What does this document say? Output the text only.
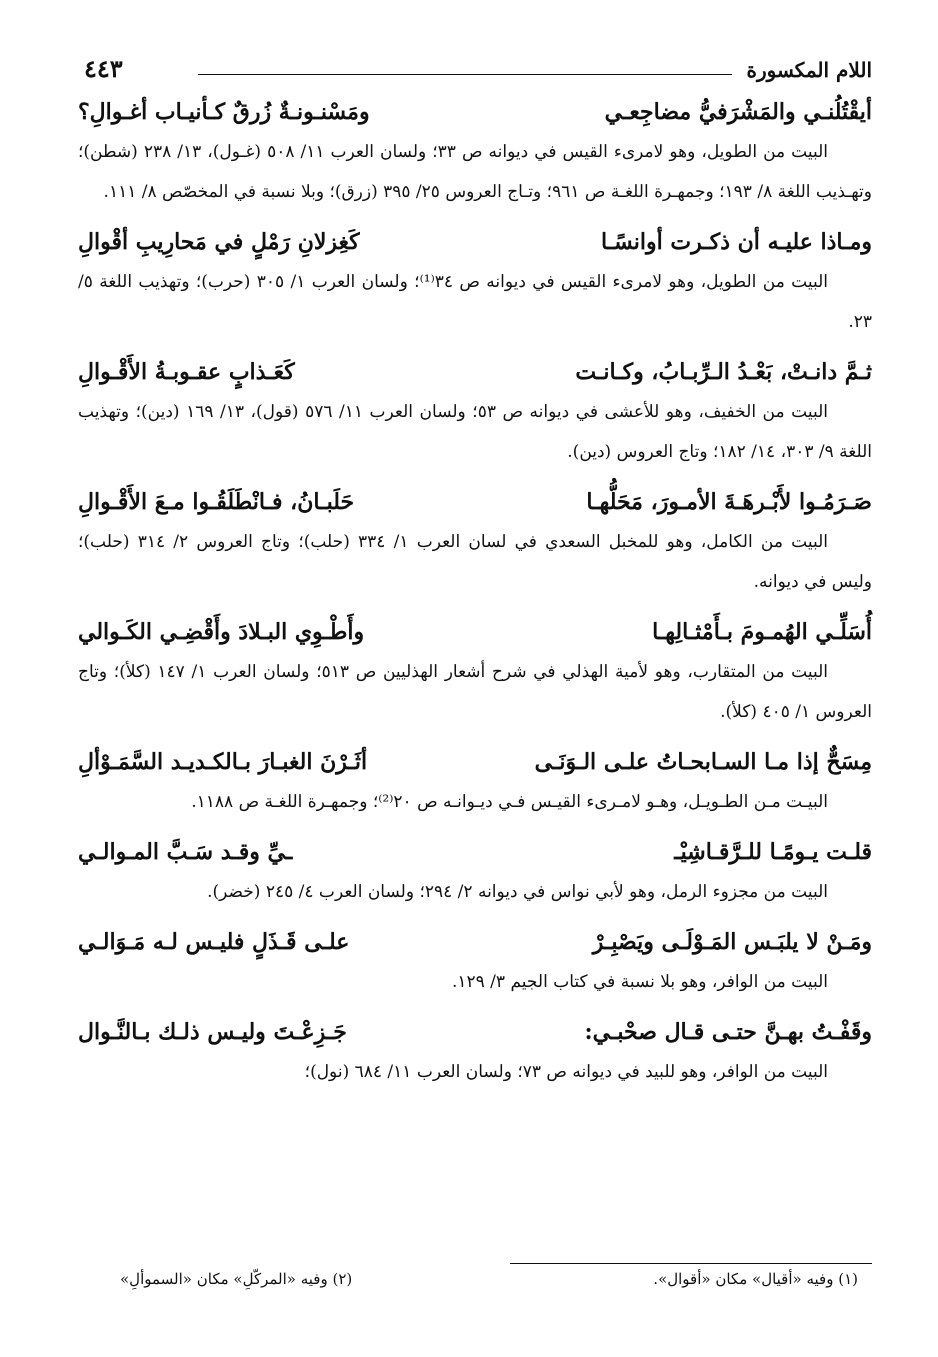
اللام المكسورة
٤٤٣
أيقْتُلُنـي والمَشْرَفيُّ مضاجِعـي
ومَسْنـونـةٌ زُرقٌ كـأنيـاب أغـوالِ؟

البيت من الطويل، وهو لامرىء القيس في ديوانه ص ٣٣؛ ولسان العرب ١١/ ٥٠٨ (غـول)، ١٣/ ٢٣٨ (شطن)؛ وتهـذيب اللغة ٨/ ١٩٣؛ وجمهـرة اللغـة ص ٩٦١؛ وتـاج العروس ٢٥/ ٣٩٥ (زرق)؛ وبلا نسبة في المخصّص ٨/ ١١١.

ومـاذا عليـه أن ذكـرت أوانسًـا
كَغِزلانِ رَمْلٍ في مَحارِيبِ أقْوالِ

البيت من الطويل، وهو لامرىء القيس في ديوانه ص ٣٤⁽¹⁾؛ ولسان العرب ١/ ٣٠٥ (حرب)؛ وتهذيب اللغة ٥/ ٢٣.

ثـمَّ دانـتْ، بَعْـدُ الـرِّبـابُ، وكـانـت
كَعَـذابٍ عقـوبـةُ الأَقْـوالِ

البيت من الخفيف، وهو للأعشى في ديوانه ص ٥٣؛ ولسان العرب ١١/ ٥٧٦ (قول)، ١٣/ ١٦٩ (دين)؛ وتهذيب اللغة ٩/ ٣٠٣، ١٤/ ١٨٢؛ وتاج العروس (دين).

صَـرَمُـوا لأَبْـرهَـةَ الأمـورَ، مَحَلُّهـا
حَلَبـانُ، فـانْطَلَقُـوا مـعَ الأَقْـوالِ

البيت من الكامل، وهو للمخبل السعدي في لسان العرب ١/ ٣٣٤ (حلب)؛ وتاج العروس ٢/ ٣١٤ (حلب)؛ وليس في ديوانه.

أُسَلِّـي الهُمـومَ بـأَمْثـالِهـا
وأَطْـوِي البـلادَ وأَقْضِـي الكَـوالي

البيت من المتقارب، وهو لأمية الهذلي في شرح أشعار الهذليين ص ٥١٣؛ ولسان العرب ١/ ١٤٧ (كلأ)؛ وتاج العروس ١/ ٤٠٥ (كلأ).

مِسَحٌّ إذا مـا السـابحـاتُ علـى الـوَنَـى
أثَـرْنَ الغبـارَ بـالكـديـد السَّمَـوْألِ

البيـت مـن الطـويـل، وهـو لامـرىء القيـس فـي ديـوانـه ص ٢٠⁽²⁾؛ وجمهـرة اللغـة ص ١١٨٨.

قلـت يـومًـا للـرَّقـاشِيْـ
ـيِّ وقـد سَـبَّ المـوالـي

البيت من مجزوء الرمل، وهو لأبي نواس في ديوانه ٢/ ٢٩٤؛ ولسان العرب ٤/ ٢٤٥ (خضر).

ومَـنْ لا يلبَـس المَـوْلَـى ويَصْبِـرْ
علـى قَـذَلٍ فليـس لـه مَـوَالـي

البيت من الوافر، وهو بلا نسبة في كتاب الجيم ٣/ ١٢٩.

وقَفْـتُ بهـنَّ حتـى قـال صحْبـي:
جَـزِعْـتَ وليـس ذلـك بـالنَّـوال

البيت من الوافر، وهو للبيد في ديوانه ص ٧٣؛ ولسان العرب ١١/ ٦٨٤ (نول)؛

(١) وفيه «أقيال» مكان «أقوال».
(٢) وفيه «المركّلِ» مكان «السموألِ»
